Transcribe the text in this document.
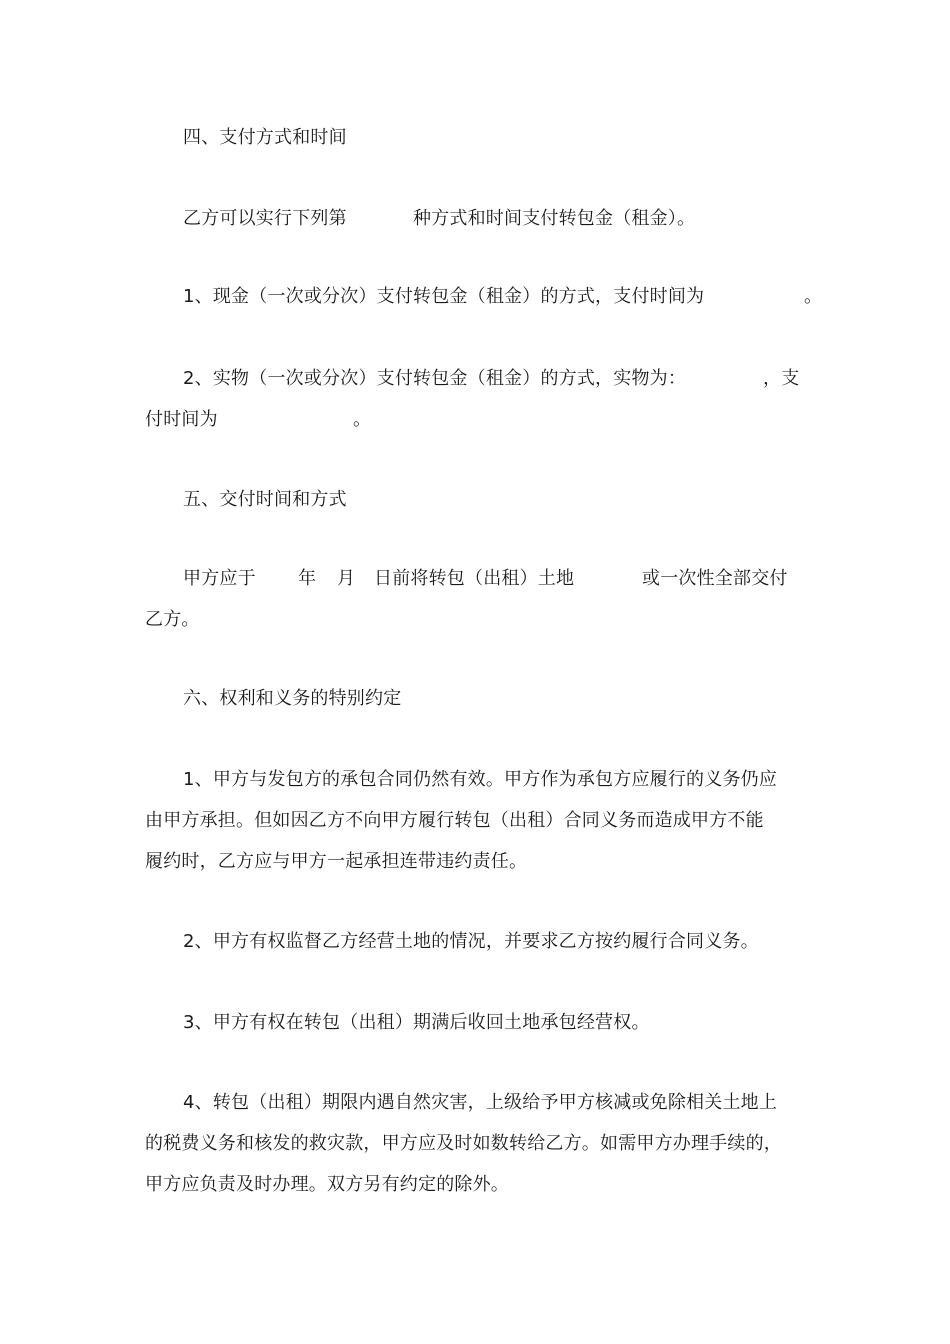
四、支付方式和时间
乙方可以实行下列第	种方式和时间支付转包金（租金）。
1、现金（一次或分次）支付转包金（租金）的方式，支付时间为	。
2、实物（一次或分次）支付转包金（租金）的方式，实物为：	，支
付时间为	。
五、交付时间和方式
甲方应于 年 月 日前将转包（出租）土地	或一次性全部交付
乙方。
六、权利和义务的特别约定
1、甲方与发包方的承包合同仍然有效。甲方作为承包方应履行的义务仍应
由甲方承担。但如因乙方不向甲方履行转包（出租）合同义务而造成甲方不能
履约时，乙方应与甲方一起承担连带违约责任。
2、甲方有权监督乙方经营土地的情况，并要求乙方按约履行合同义务。
3、甲方有权在转包（出租）期满后收回土地承包经营权。
4、转包（出租）期限内遇自然灾害，上级给予甲方核减或免除相关土地上
的税费义务和核发的救灾款，甲方应及时如数转给乙方。如需甲方办理手续的，
甲方应负责及时办理。双方另有约定的除外。
